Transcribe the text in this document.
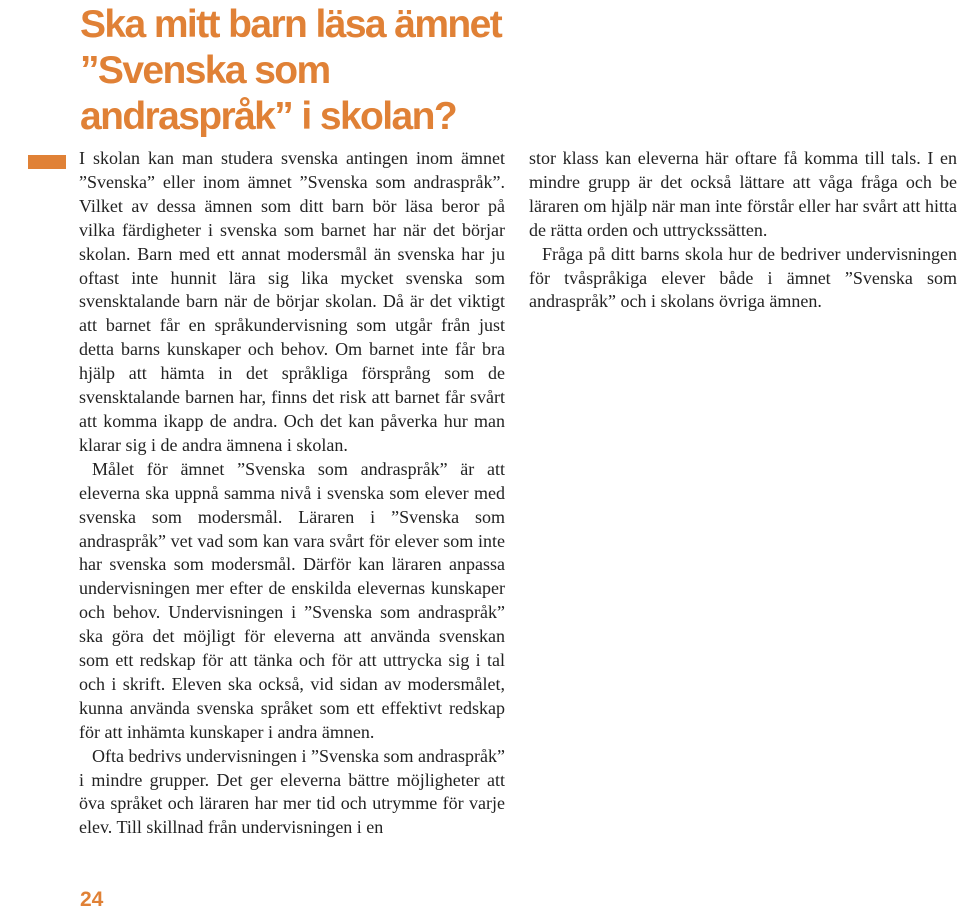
Ska mitt barn läsa ämnet ”Svenska som andraspråk” i skolan?

I skolan kan man studera svenska antingen inom ämnet ”Svenska” eller inom ämnet ”Svenska som andraspråk”. Vilket av dessa ämnen som ditt barn bör läsa beror på vilka färdigheter i svenska som barnet har när det börjar skolan. Barn med ett annat modersmål än svenska har ju oftast inte hunnit lära sig lika mycket svenska som svensktalande barn när de börjar skolan. Då är det viktigt att barnet får en språkundervisning som utgår från just detta barns kunskaper och behov. Om barnet inte får bra hjälp att hämta in det språkliga försprång som de svensktalande barnen har, finns det risk att barnet får svårt att komma ikapp de andra. Och det kan påverka hur man klarar sig i de andra ämnena i skolan.

Målet för ämnet ”Svenska som andraspråk” är att eleverna ska uppnå samma nivå i svenska som elever med svenska som modersmål. Läraren i ”Svenska som andraspråk” vet vad som kan vara svårt för elever som inte har svenska som modersmål. Därför kan läraren anpassa undervisningen mer efter de enskilda elevernas kunskaper och behov. Undervisningen i ”Svenska som andraspråk” ska göra det möjligt för eleverna att använda svenskan som ett redskap för att tänka och för att uttrycka sig i tal och i skrift. Eleven ska också, vid sidan av modersmålet, kunna använda svenska språket som ett effektivt redskap för att inhämta kunskaper i andra ämnen.

Ofta bedrivs undervisningen i ”Svenska som andraspråk” i mindre grupper. Det ger eleverna bättre möjligheter att öva språket och läraren har mer tid och utrymme för varje elev. Till skillnad från undervisningen i en

stor klass kan eleverna här oftare få komma till tals. I en mindre grupp är det också lättare att våga fråga och be läraren om hjälp när man inte förstår eller har svårt att hitta de rätta orden och uttryckssätten.

Fråga på ditt barns skola hur de bedriver undervisningen för tvåspråkiga elever både i ämnet ”Svenska som andraspråk” och i skolans övriga ämnen.

24
